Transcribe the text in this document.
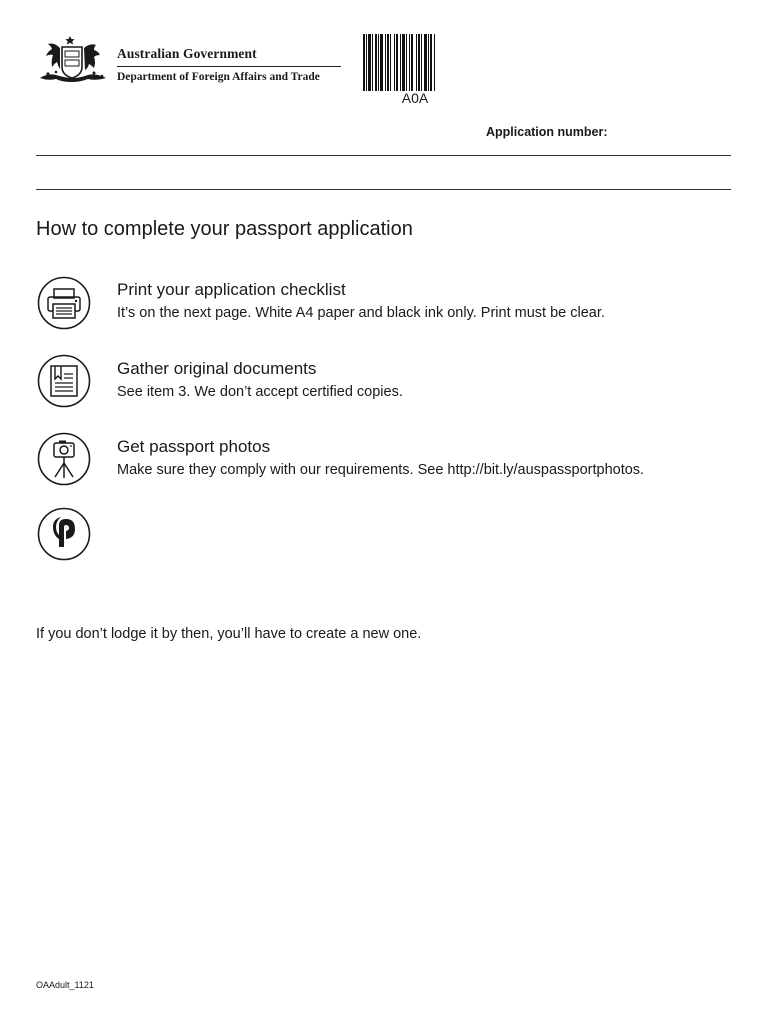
Australian Government
Department of Foreign Affairs and Trade
A0A
Application number:
How to complete your passport application
Print your application checklist
It’s on the next page. White A4 paper and black ink only. Print must be clear.
Gather original documents
See item 3. We don’t accept certified copies.
Get passport photos
Make sure they comply with our requirements. See http://bit.ly/auspassportphotos.
If you don’t lodge it by then, you’ll have to create a new one.
OAAdult_1121
